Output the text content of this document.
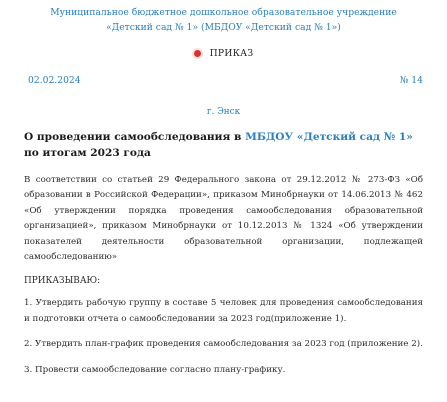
Муниципальное бюджетное дошкольное образовательное учреждение
«Детский сад № 1» (МБДОУ «Детский сад № 1»)
ПРИКАЗ
02.02.2024	№ 14
г. Энск
О проведении самообследования в МБДОУ «Детский сад № 1» по итогам 2023 года
В соответствии со статьей 29 Федерального закона от 29.12.2012 № 273-ФЗ «Об образовании в Российской Федерации», приказом Минобрнауки от 14.06.2013 № 462 «Об утверждении порядка проведения самообследования образовательной организацией», приказом Минобрнауки от 10.12.2013 № 1324 «Об утверждении показателей деятельности образовательной организации, подлежащей самообследованию»
ПРИКАЗЫВАЮ:
1. Утвердить рабочую группу в составе 5 человек для проведения самообследования и подготовки отчета о самообследовании за 2023 год(приложение 1).
2. Утвердить план-график проведения самообследования за 2023 год (приложение 2).
3. Провести самообследование согласно плану-графику.
